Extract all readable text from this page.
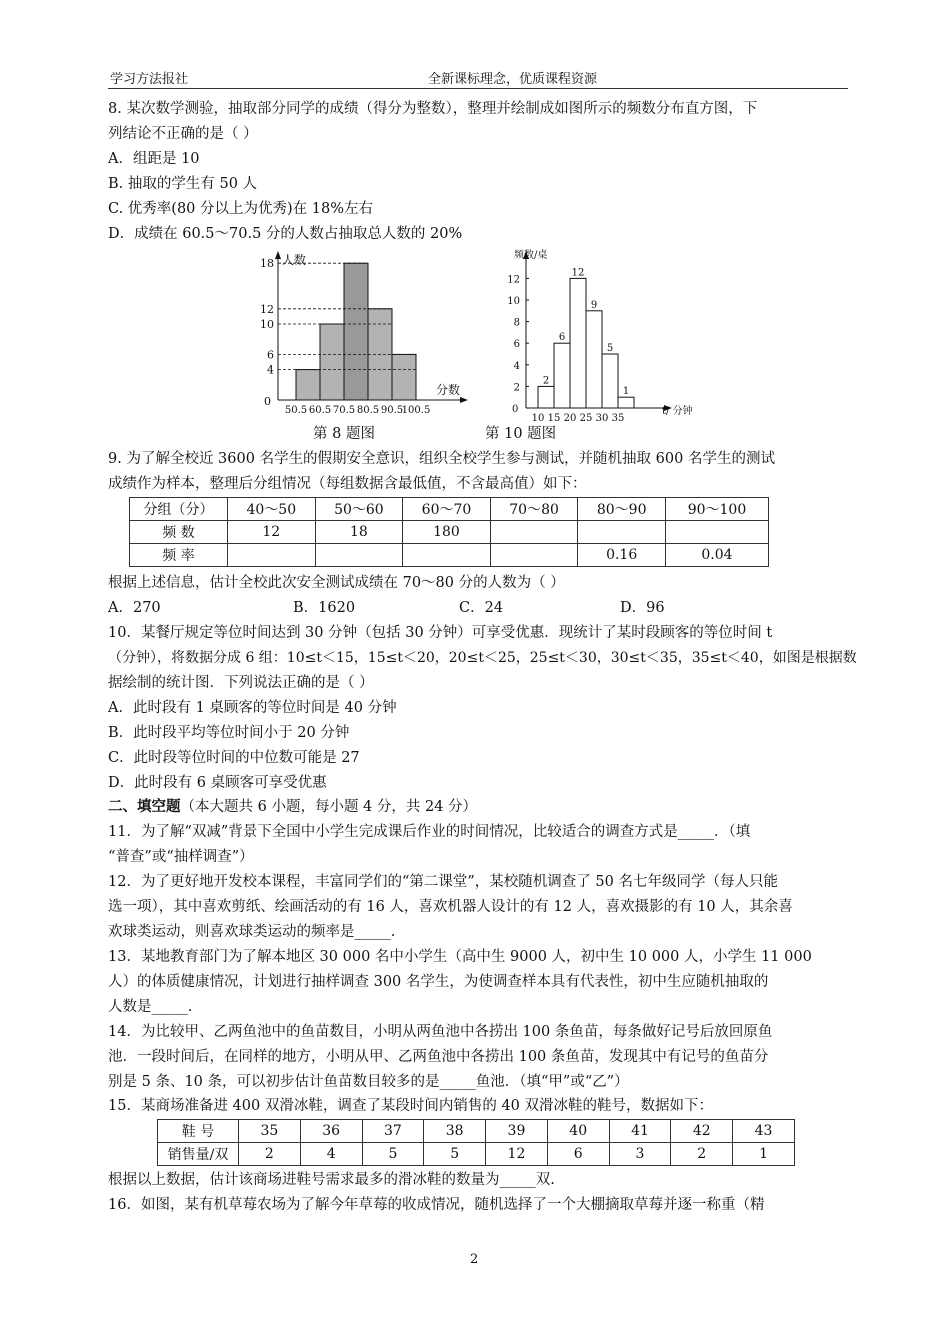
学习方法报社	全新课标理念，优质课程资源
8. 某次数学测验，抽取部分同学的成绩（得分为整数），整理并绘制成如图所示的频数分布直方图，下
列结论不正确的是（ ）
A．组距是 10
B. 抽取的学生有 50 人
C. 优秀率(80 分以上为优秀)在 18%左右
D．成绩在 60.5～70.5 分的人数占抽取总人数的 20%
人数
分数
0
4
6
10
12
18
50.5 60.5 70.5 80.5 90.5
100.5
频数/桌
t/ 分钟
0
2
4
6
8
10
12
2
6
12
9
5
1
10 15 20 25 30 35
第 8 题图	第 10 题图
9. 为了解全校近 3600 名学生的假期安全意识，组织全校学生参与测试，并随机抽取 600 名学生的测试
成绩作为样本，整理后分组情况（每组数据含最低值，不含最高值）如下：
分组（分）	40～50	50～60	60～70	70～80	80～90	90～100
频 数	12	18	180			
频 率					0.16	0.04
根据上述信息，估计全校此次安全测试成绩在 70～80 分的人数为（ ）
A．270	B．1620	C．24	D．96
10．某餐厅规定等位时间达到 30 分钟（包括 30 分钟）可享受优惠．现统计了某时段顾客的等位时间 t
（分钟），将数据分成 6 组：10≤t＜15，15≤t＜20，20≤t＜25，25≤t＜30，30≤t＜35，35≤t＜40，如图是根据数
据绘制的统计图．下列说法正确的是（ ）
A．此时段有 1 桌顾客的等位时间是 40 分钟
B．此时段平均等位时间小于 20 分钟
C．此时段等位时间的中位数可能是 27
D．此时段有 6 桌顾客可享受优惠
二、填空题（本大题共 6 小题，每小题 4 分，共 24 分）
11．为了解“双减”背景下全国中小学生完成课后作业的时间情况，比较适合的调查方式是_____．（填
“普查”或“抽样调查”）
12．为了更好地开发校本课程，丰富同学们的“第二课堂”，某校随机调查了 50 名七年级同学（每人只能
选一项），其中喜欢剪纸、绘画活动的有 16 人，喜欢机器人设计的有 12 人，喜欢摄影的有 10 人，其余喜
欢球类运动，则喜欢球类运动的频率是_____.
13．某地教育部门为了解本地区 30 000 名中小学生（高中生 9000 人，初中生 10 000 人，小学生 11 000
人）的体质健康情况，计划进行抽样调查 300 名学生，为使调查样本具有代表性，初中生应随机抽取的
人数是_____.
14．为比较甲、乙两鱼池中的鱼苗数目，小明从两鱼池中各捞出 100 条鱼苗，每条做好记号后放回原鱼
池．一段时间后，在同样的地方，小明从甲、乙两鱼池中各捞出 100 条鱼苗，发现其中有记号的鱼苗分
别是 5 条、10 条，可以初步估计鱼苗数目较多的是_____鱼池．（填“甲”或“乙”）
15．某商场准备进 400 双滑冰鞋，调查了某段时间内销售的 40 双滑冰鞋的鞋号，数据如下：
鞋 号	35	36	37	38	39	40	41	42	43
销售量/双	2	4	5	5	12	6	3	2	1
根据以上数据，估计该商场进鞋号需求最多的滑冰鞋的数量为_____双.
16．如图，某有机草莓农场为了解今年草莓的收成情况，随机选择了一个大棚摘取草莓并逐一称重（精
2
